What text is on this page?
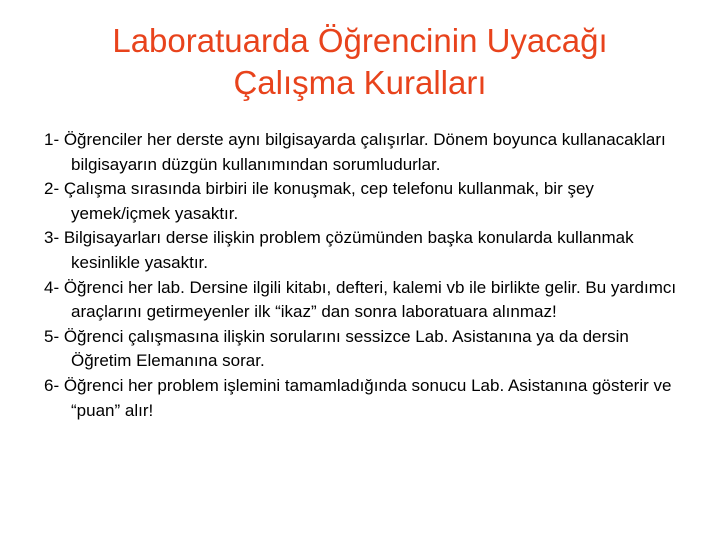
Laboratuarda Öğrencinin Uyacağı
Çalışma Kuralları
1- Öğrenciler her derste aynı bilgisayarda çalışırlar. Dönem boyunca kullanacakları bilgisayarın düzgün kullanımından sorumludurlar.
2- Çalışma sırasında birbiri ile konuşmak, cep telefonu kullanmak, bir şey yemek/içmek yasaktır.
3- Bilgisayarları derse ilişkin problem çözümünden başka konularda kullanmak kesinlikle yasaktır.
4- Öğrenci her lab. Dersine ilgili kitabı, defteri, kalemi vb ile birlikte gelir. Bu yardımcı araçlarını getirmeyenler ilk “ikaz” dan sonra laboratuara alınmaz!
5- Öğrenci çalışmasına ilişkin sorularını sessizce Lab. Asistanına ya da dersin Öğretim Elemanına sorar.
6- Öğrenci her problem işlemini tamamladığında sonucu Lab. Asistanına gösterir ve “puan” alır!
